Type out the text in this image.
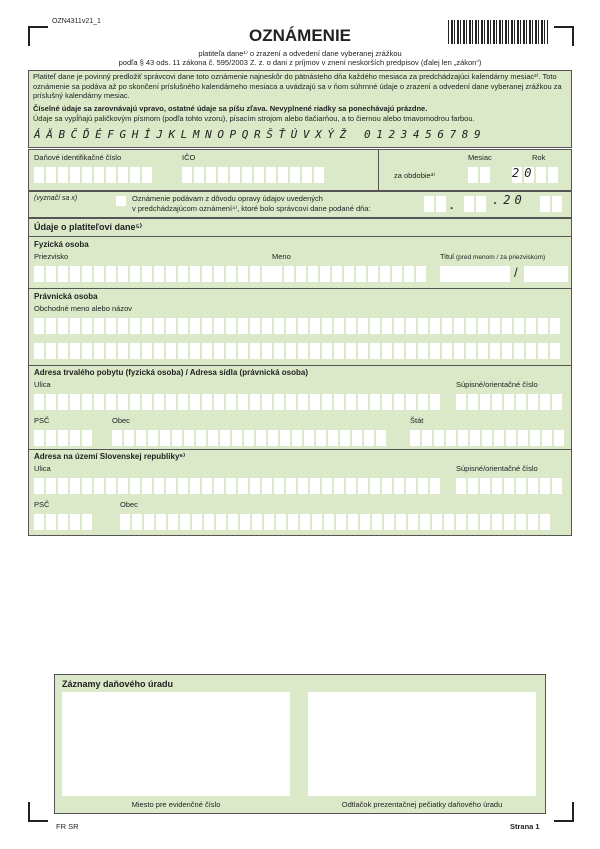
OZN4311v21_1
OZNÁMENIE
platiteľa dane¹⁾ o zrazení a odvedení dane vyberanej zrážkou
podľa § 43 ods. 11 zákona č. 595/2003 Z. z. o dani z príjmov v znení neskorších predpisov (ďalej len „zákon“)
Platiteľ dane je povinný predložiť správcovi dane toto oznámenie najneskôr do pätnásteho dňa každého mesiaca za predchádzajúci kalendárny mesiac²⁾. Toto oznámenie sa podáva až po skončení príslušného kalendárneho mesiaca a uvádzajú sa v ňom súhrnné údaje o zrazení a odvedení dane vyberanej zrážkou za príslušný kalendárny mesiac.
Číselné údaje sa zarovnávajú vpravo, ostatné údaje sa píšu zľava. Nevyplnené riadky sa ponechávajú prázdne.
Údaje sa vypĺňajú paličkovým písmom (podľa tohto vzoru), písacím strojom alebo tlačiarňou, a to čiernou alebo tmavomodrou farbou.
ÁÄBČĎÉFGHÍJKLMNOPQRŠŤÚVXÝŽ 0123456789
Daňové identifikačné číslo	IČO	Mesiac	Rok
za obdobie³⁾	20
(vyznačí sa x)	Oznámenie podávam z dôvodu opravy údajov uvedených
v predchádzajúcom oznámení⁴⁾, ktoré bolo správcovi dane podané dňa:	.	.20
Údaje o platiteľovi dane⁵⁾
Fyzická osoba
Priezvisko	Meno	Titul (pred menom / za priezviskom)
/
Právnická osoba
Obchodné meno alebo názov
Adresa trvalého pobytu (fyzická osoba) / Adresa sídla (právnická osoba)
Ulica	Súpisné/orientačné číslo
PSČ	Obec	Štát
Adresa na území Slovenskej republiky⁶⁾
Ulica	Súpisné/orientačné číslo
PSČ	Obec
Záznamy daňového úradu
Miesto pre evidenčné číslo	Odtlačok prezentačnej pečiatky daňového úradu
FR SR	Strana 1
